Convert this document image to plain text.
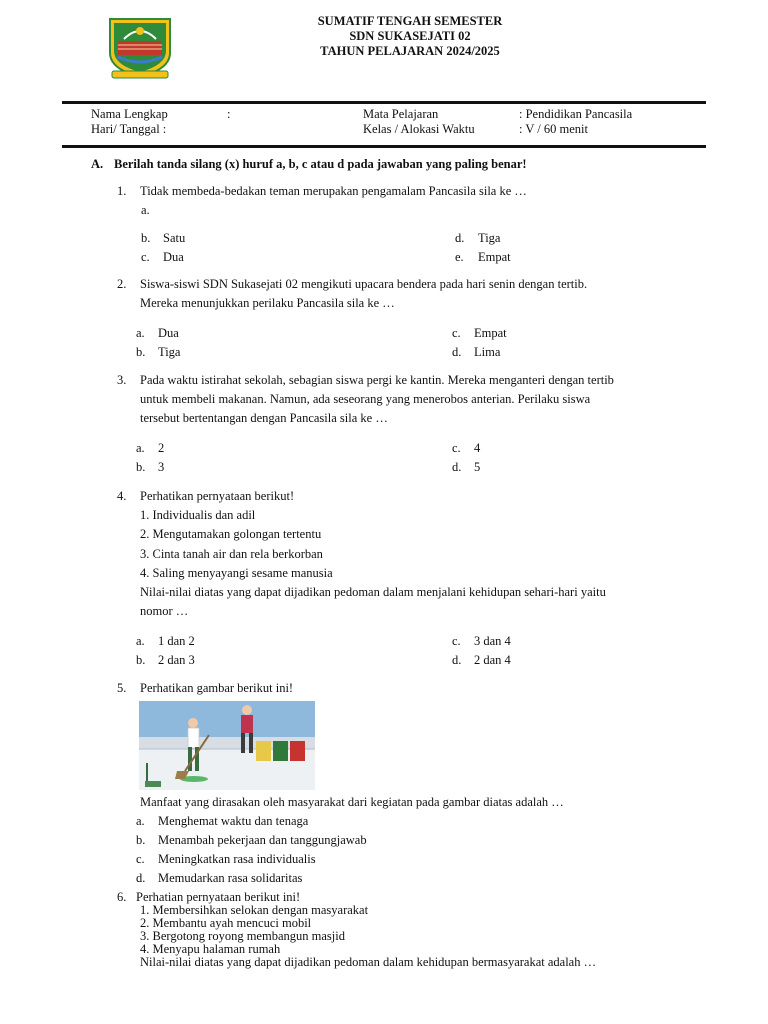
SUMATIF TENGAH SEMESTER
SDN SUKASEJATI 02
TAHUN PELAJARAN 2024/2025
Nama Lengkap	:
Hari/ Tanggal :
Mata Pelajaran	: Pendidikan Pancasila
Kelas / Alokasi Waktu	: V / 60 menit
A. Berilah tanda silang (x) huruf a, b, c atau d pada jawaban yang paling benar!
1. Tidak membeda-bedakan teman merupakan pengamalam Pancasila sila ke …
a.
b. Satu
c. Dua
d. Tiga
e. Empat
2. Siswa-siswi SDN Sukasejati 02 mengikuti upacara bendera pada hari senin dengan tertib.
Mereka menunjukkan perilaku Pancasila sila ke …
a. Dua
b. Tiga
c. Empat
d. Lima
3. Pada waktu istirahat sekolah, sebagian siswa pergi ke kantin. Mereka menganteri dengan tertib
untuk membeli makanan. Namun, ada seseorang yang menerobos anterian. Perilaku siswa
tersebut bertentangan dengan Pancasila sila ke …
a. 2
b. 3
c. 4
d. 5
4. Perhatikan pernyataan berikut!
1. Individualis dan adil
2. Mengutamakan golongan tertentu
3. Cinta tanah air dan rela berkorban
4. Saling menyayangi sesame manusia
Nilai-nilai diatas yang dapat dijadikan pedoman dalam menjalani kehidupan sehari-hari yaitu
nomor …
a. 1 dan 2
b. 2 dan 3
c. 3 dan 4
d. 2 dan 4
5. Perhatikan gambar berikut ini!
Manfaat yang dirasakan oleh masyarakat dari kegiatan pada gambar diatas adalah …
a. Menghemat waktu dan tenaga
b. Menambah pekerjaan dan tanggungjawab
c. Meningkatkan rasa individualis
d. Memudarkan rasa solidaritas
6. Perhatian pernyataan berikut ini!
1. Membersihkan selokan dengan masyarakat
2. Membantu ayah mencuci mobil
3. Bergotong royong membangun masjid
4. Menyapu halaman rumah
Nilai-nilai diatas yang dapat dijadikan pedoman dalam kehidupan bermasyarakat adalah …
